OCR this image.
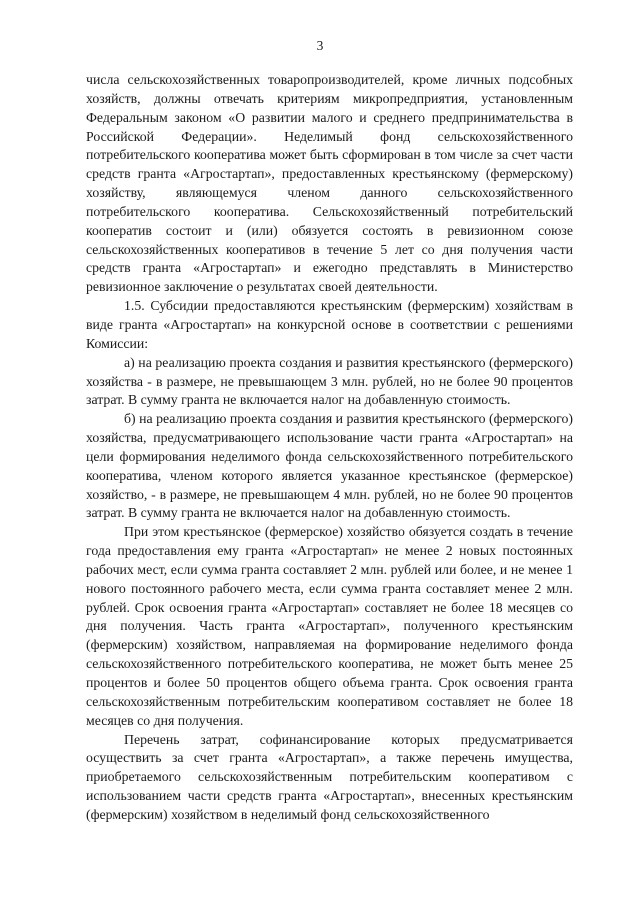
3

числа сельскохозяйственных товаропроизводителей, кроме личных подсобных хозяйств, должны отвечать критериям микропредприятия, установленным Федеральным законом «О развитии малого и среднего предпринимательства в Российской Федерации». Неделимый фонд сельскохозяйственного потребительского кооператива может быть сформирован в том числе за счет части средств гранта «Агростартап», предоставленных крестьянскому (фермерскому) хозяйству, являющемуся членом данного сельскохозяйственного потребительского кооператива. Сельскохозяйственный потребительский кооператив состоит и (или) обязуется состоять в ревизионном союзе сельскохозяйственных кооперативов в течение 5 лет со дня получения части средств гранта «Агростартап» и ежегодно представлять в Министерство ревизионное заключение о результатах своей деятельности.

1.5. Субсидии предоставляются крестьянским (фермерским) хозяйствам в виде гранта «Агростартап» на конкурсной основе в соответствии с решениями Комиссии:

а) на реализацию проекта создания и развития крестьянского (фермерского) хозяйства - в размере, не превышающем 3 млн. рублей, но не более 90 процентов затрат. В сумму гранта не включается налог на добавленную стоимость.

б) на реализацию проекта создания и развития крестьянского (фермерского) хозяйства, предусматривающего использование части гранта «Агростартап» на цели формирования неделимого фонда сельскохозяйственного потребительского кооператива, членом которого является указанное крестьянское (фермерское) хозяйство, - в размере, не превышающем 4 млн. рублей, но не более 90 процентов затрат. В сумму гранта не включается налог на добавленную стоимость.

При этом крестьянское (фермерское) хозяйство обязуется создать в течение года предоставления ему гранта «Агростартап» не менее 2 новых постоянных рабочих мест, если сумма гранта составляет 2 млн. рублей или более, и не менее 1 нового постоянного рабочего места, если сумма гранта составляет менее 2 млн. рублей. Срок освоения гранта «Агростартап» составляет не более 18 месяцев со дня получения. Часть гранта «Агростартап», полученного крестьянским (фермерским) хозяйством, направляемая на формирование неделимого фонда сельскохозяйственного потребительского кооператива, не может быть менее 25 процентов и более 50 процентов общего объема гранта. Срок освоения гранта сельскохозяйственным потребительским кооперативом составляет не более 18 месяцев со дня получения.

Перечень затрат, софинансирование которых предусматривается осуществить за счет гранта «Агростартап», а также перечень имущества, приобретаемого сельскохозяйственным потребительским кооперативом с использованием части средств гранта «Агростартап», внесенных крестьянским (фермерским) хозяйством в неделимый фонд сельскохозяйственного
